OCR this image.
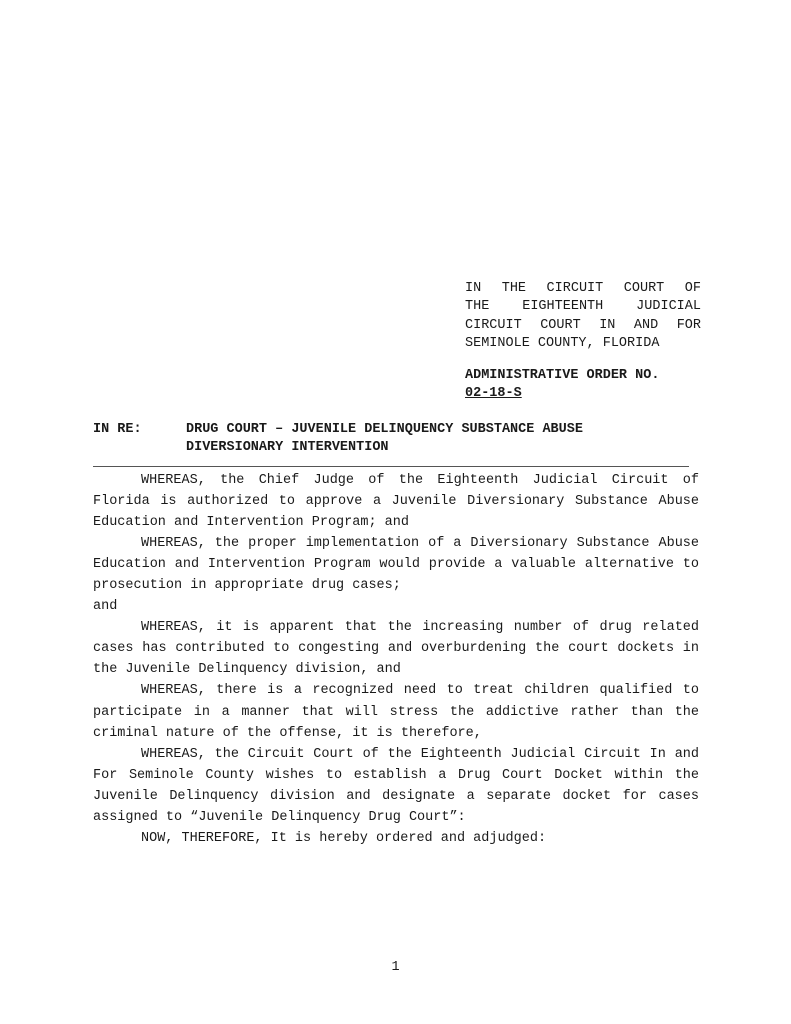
IN THE CIRCUIT COURT OF
THE EIGHTEENTH JUDICIAL
CIRCUIT COURT IN AND FOR
SEMINOLE COUNTY, FLORIDA
ADMINISTRATIVE ORDER NO.
02-18-S
IN RE:	DRUG COURT – JUVENILE DELINQUENCY SUBSTANCE ABUSE
DIVERSIONARY INTERVENTION

WHEREAS, the Chief Judge of the Eighteenth Judicial Circuit of Florida is authorized to approve a Juvenile Diversionary Substance Abuse Education and Intervention Program; and

WHEREAS, the proper implementation of a Diversionary Substance Abuse Education and Intervention Program would provide a valuable alternative to prosecution in appropriate drug cases;

and

WHEREAS, it is apparent that the increasing number of drug related cases has contributed to congesting and overburdening the court dockets in the Juvenile Delinquency division, and

WHEREAS, there is a recognized need to treat children qualified to participate in a manner that will stress the addictive rather than the criminal nature of the offense, it is therefore,

WHEREAS, the Circuit Court of the Eighteenth Judicial Circuit In and For Seminole County wishes to establish a Drug Court Docket within the Juvenile Delinquency division and designate a separate docket for cases assigned to “Juvenile Delinquency Drug Court”:

NOW, THEREFORE, It is hereby ordered and adjudged:

1
